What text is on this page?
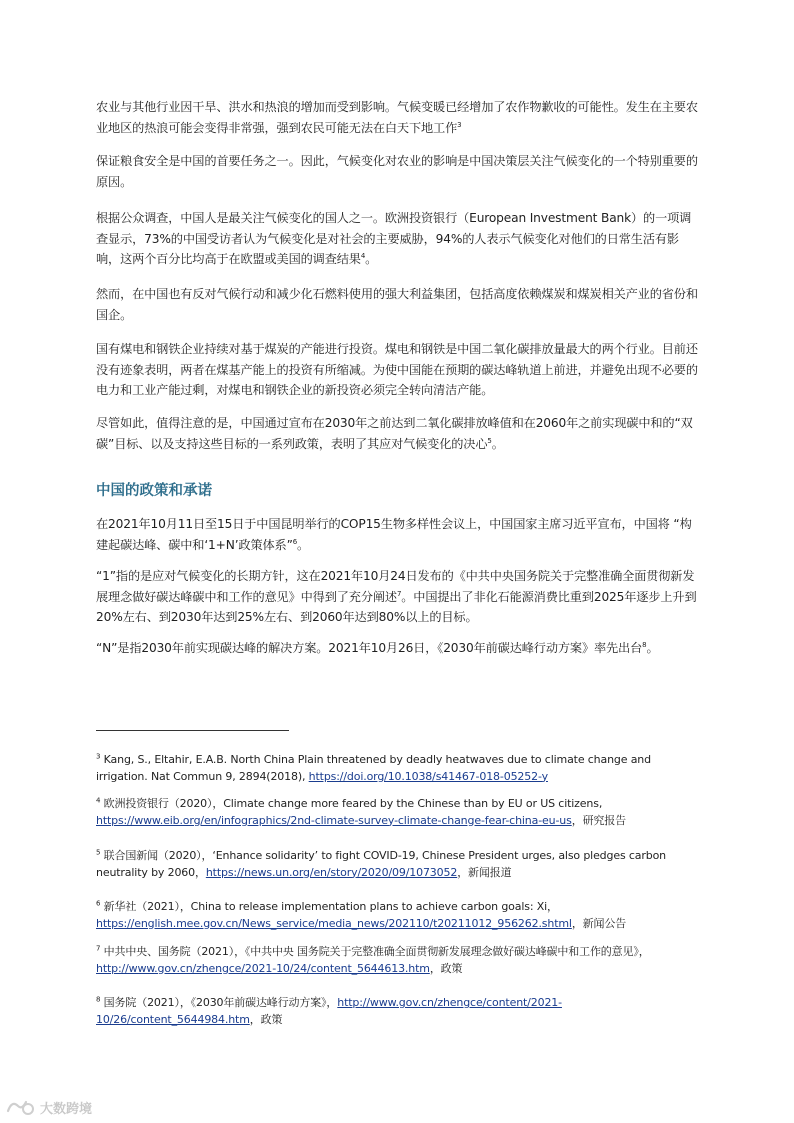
农业与其他行业因干旱、洪水和热浪的增加而受到影响。气候变暖已经增加了农作物歉收的可能性。发生在主要农业地区的热浪可能会变得非常强，强到农民可能无法在白天下地工作$^3$

保证粮食安全是中国的首要任务之一。因此，气候变化对农业的影响是中国决策层关注气候变化的一个特别重要的原因。

根据公众调查，中国人是最关注气候变化的国人之一。欧洲投资银行（European Investment Bank）的一项调查显示，73%的中国受访者认为气候变化是对社会的主要威胁，94%的人表示气候变化对他们的日常生活有影响，这两个百分比均高于在欧盟或美国的调查结果$^4$。

然而，在中国也有反对气候行动和减少化石燃料使用的强大利益集团，包括高度依赖煤炭和煤炭相关产业的省份和国企。

国有煤电和钢铁企业持续对基于煤炭的产能进行投资。煤电和钢铁是中国二氧化碳排放量最大的两个行业。目前还没有迹象表明，两者在煤基产能上的投资有所缩减。为使中国能在预期的碳达峰轨道上前进，并避免出现不必要的电力和工业产能过剩，对煤电和钢铁企业的新投资必须完全转向清洁产能。

尽管如此，值得注意的是，中国通过宣布在2030年之前达到二氧化碳排放峰值和在2060年之前实现碳中和的“双碳”目标、以及支持这些目标的一系列政策，表明了其应对气候变化的决心$^5$。

中国的政策和承诺

在2021年10月11日至15日于中国昆明举行的COP15生物多样性会议上，中国国家主席习近平宣布，中国将 “构建起碳达峰、碳中和‘1+N’政策体系”$^6$。

“1”指的是应对气候变化的长期方针，这在2021年10月24日发布的《中共中央国务院关于完整准确全面贯彻新发展理念做好碳达峰碳中和工作的意见》中得到了充分阐述$^7$。中国提出了非化石能源消费比重到2025年逐步上升到20%左右、到2030年达到25%左右、到2060年达到80%以上的目标。

“N”是指2030年前实现碳达峰的解决方案。2021年10月26日，《2030年前碳达峰行动方案》率先出台$^8$。

$^3$ Kang, S., Eltahir, E.A.B. North China Plain threatened by deadly heatwaves due to climate change and irrigation. Nat Commun 9, 2894(2018), https://doi.org/10.1038/s41467-018-05252-y

$^4$ 欧洲投资银行（2020），Climate change more feared by the Chinese than by EU or US citizens, https://www.eib.org/en/infographics/2nd-climate-survey-climate-change-fear-china-eu-us，研究报告

$^5$ 联合国新闻（2020），‘Enhance solidarity’ to fight COVID-19, Chinese President urges, also pledges carbon neutrality by 2060，https://news.un.org/en/story/2020/09/1073052，新闻报道

$^6$ 新华社（2021），China to release implementation plans to achieve carbon goals: Xi，https://english.mee.gov.cn/News_service/media_news/202110/t20211012_956262.shtml，新闻公告

$^7$ 中共中央、国务院（2021），《中共中央 国务院关于完整准确全面贯彻新发展理念做好碳达峰碳中和工作的意见》，http://www.gov.cn/zhengce/2021-10/24/content_5644613.htm，政策

$^8$ 国务院（2021），《2030年前碳达峰行动方案》，http://www.gov.cn/zhengce/content/2021-10/26/content_5644984.htm，政策

大数跨境
